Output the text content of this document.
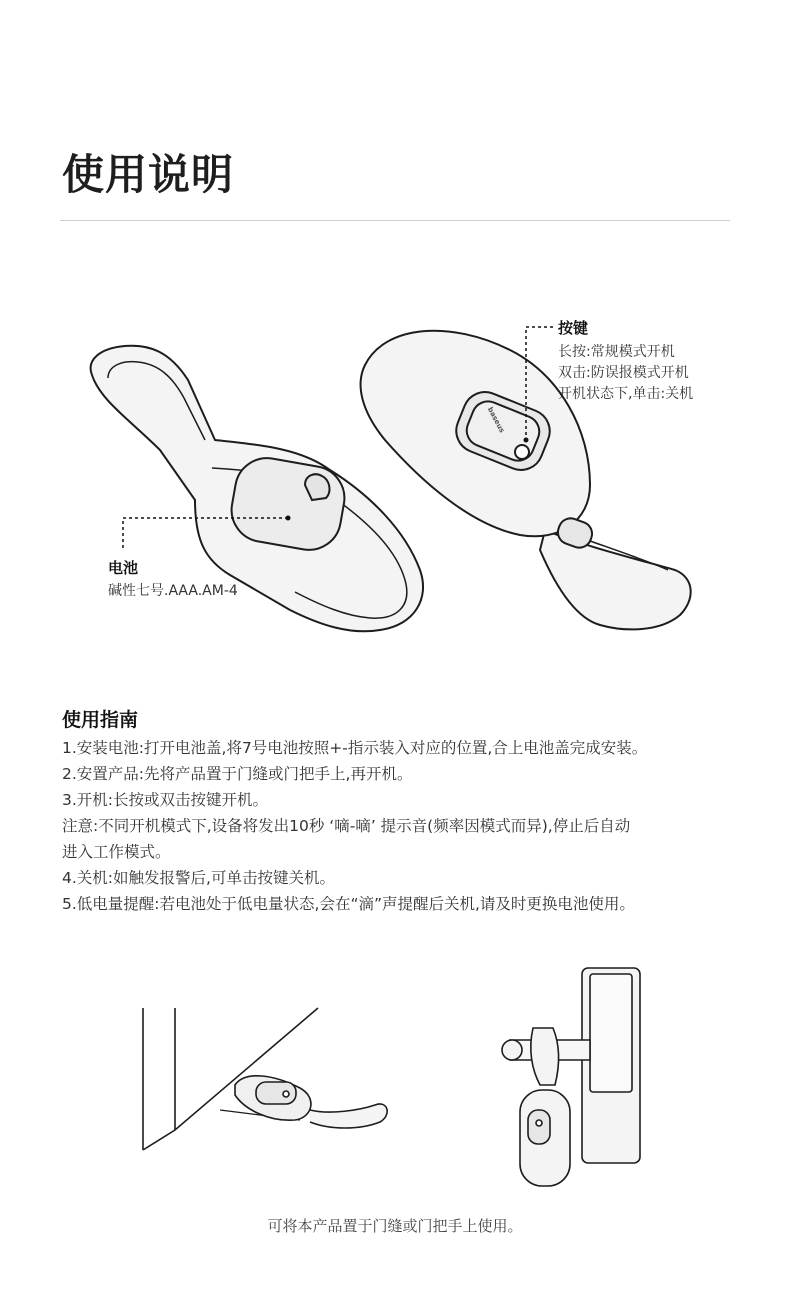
使用说明
按键
长按:常规模式开机
双击:防误报模式开机
开机状态下,单击:关机
电池
碱性七号.AAA.AM-4
baseus
使用指南
1.安装电池:打开电池盖,将7号电池按照+-指示装入对应的位置,合上电池盖完成安装。
2.安置产品:先将产品置于门缝或门把手上,再开机。
3.开机:长按或双击按键开机。
注意:不同开机模式下,设备将发出10秒 ‘嘀-嘀’ 提示音(频率因模式而异),停止后自动
进入工作模式。
4.关机:如触发报警后,可单击按键关机。
5.低电量提醒:若电池处于低电量状态,会在“滴”声提醒后关机,请及时更换电池使用。
可将本产品置于门缝或门把手上使用。
